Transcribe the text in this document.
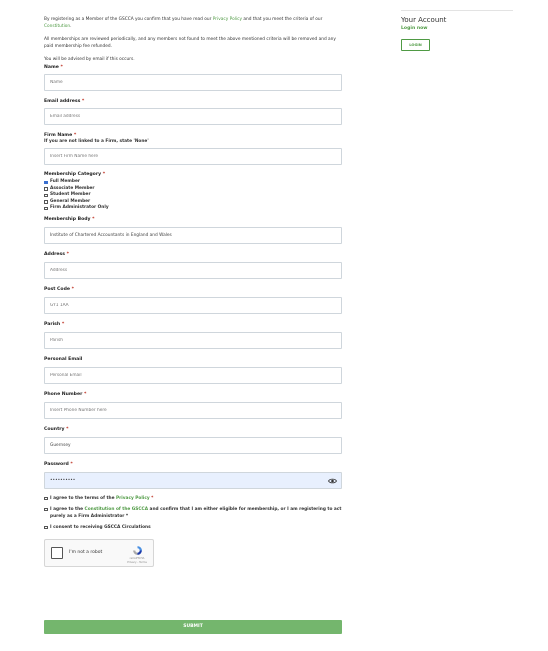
By registering as a Member of the GSCCA you confirm that you have read our Privacy Policy and that you meet the criteria of our Constitution.

All memberships are reviewed periodically, and any members not found to meet the above mentioned criteria will be removed and any paid membership fee refunded.

You will be advised by email if this occurs.

Name *
Name
Email address *
Email address
Firm Name *
If you are not linked to a Firm, state 'None'
Insert Firm Name here
Membership Category *
Full Member
Associate Member
Student Member
General Member
Firm Administrator Only
Membership Body *
Institute of Chartered Accountants in England and Wales
Address *
Address
Post Code *
GY1 1AA
Parish *
Parish
Personal Email
Personal Email
Phone Number *
Insert Phone Number here
Country *
Guernsey
Password *
••••••••••
I agree to the terms of the Privacy Policy *
I agree to the Constitution of the GSCCA and confirm that I am either eligible for membership, or I am registering to act purely as a Firm Administrator *
I consent to receiving GSCCA Circulations
I'm not a robot
reCAPTCHA
Privacy - Terms
SUBMIT
Your Account
Login now
LOGIN
